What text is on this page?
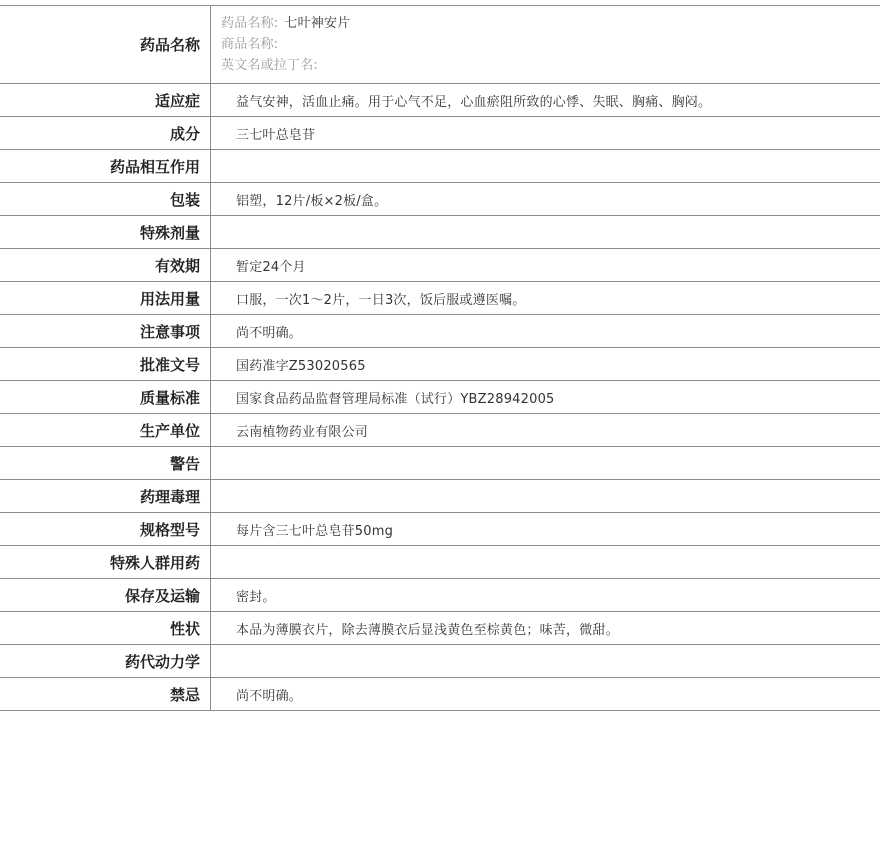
药品名称	药品名称: 七叶神安片
商品名称:
英文名或拉丁名:

适应症	益气安神，活血止痛。用于心气不足，心血瘀阻所致的心悸、失眠、胸痛、胸闷。
成分	三七叶总皂苷
药品相互作用	
包装	铝塑，12片/板×2板/盒。
特殊剂量	
有效期	暂定24个月
用法用量	口服，一次1～2片，一日3次，饭后服或遵医嘱。
注意事项	尚不明确。
批准文号	国药准字Z53020565
质量标准	国家食品药品监督管理局标准（试行）YBZ28942005
生产单位	云南植物药业有限公司
警告	
药理毒理	
规格型号	每片含三七叶总皂苷50mg
特殊人群用药	
保存及运输	密封。
性状	本品为薄膜衣片，除去薄膜衣后显浅黄色至棕黄色；味苦，微甜。
药代动力学	
禁忌	尚不明确。
